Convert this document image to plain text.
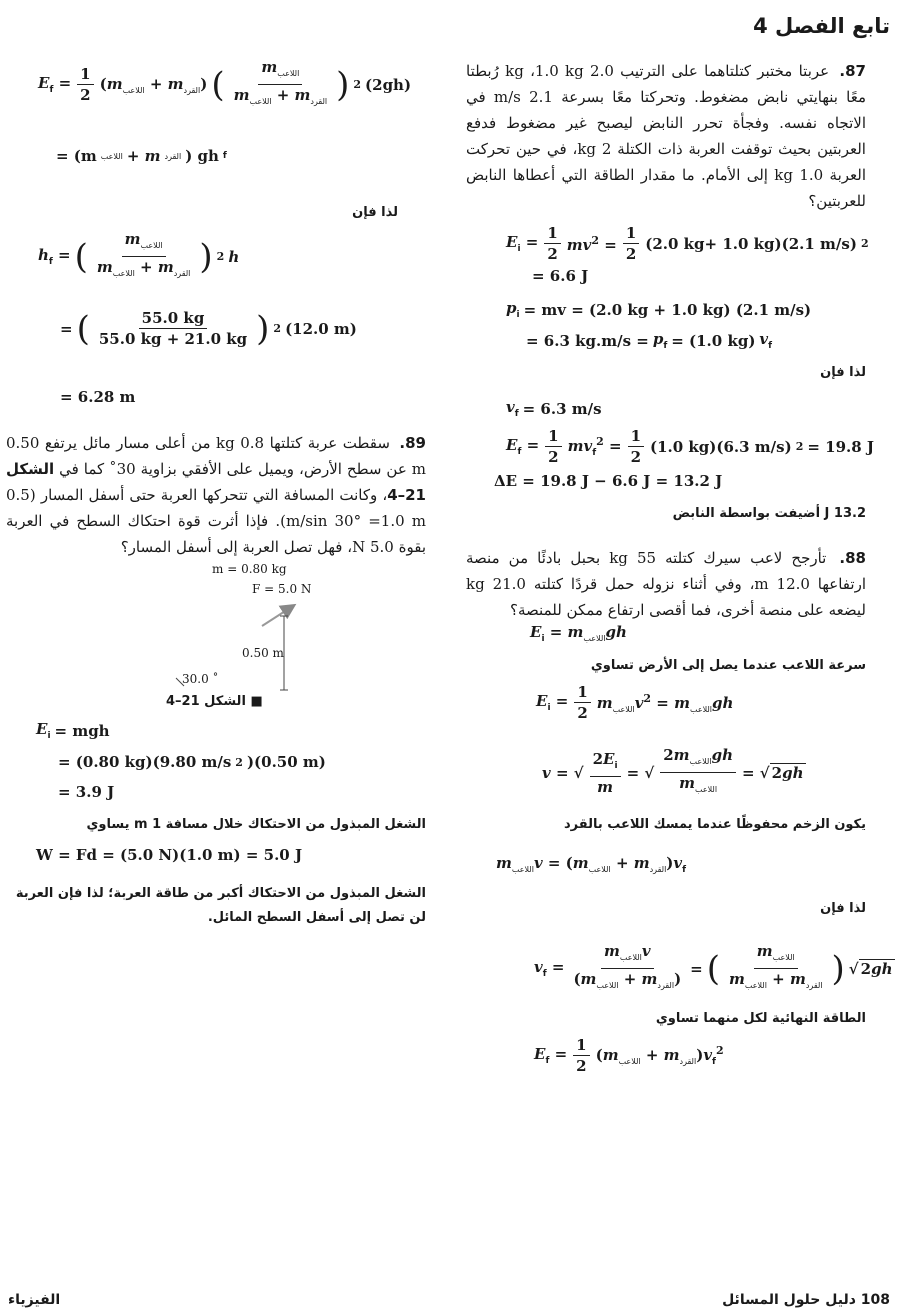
تابع الفصل 4

87. عربتا مختبر كتلتاهما على الترتيب 2.0 kg ،1.0 kg رُبطتا معًا بنهايتي نابض مضغوط. وتحركتا معًا بسرعة 2.1 m/s في الاتجاه نفسه. وفجأة تحرر النابض ليصبح غير مضغوط فدفع العربتين بحيث توقفت العربة ذات الكتلة 2 kg، في حين تحركت العربة 1.0 kg إلى الأمام. ما مقدار الطاقة التي أعطاها النابض للعربتين؟

$E_i = \frac{1}{2} mv^2 = \frac{1}{2} (2.0$ kg+ 1.0 kg)(2.1 m/s) 2
= 6.6 J
$p_i$ = mv = (2.0 kg + 1.0 kg) (2.1 m/s)
= 6.3 $kg.m/s = p_f = (1.0$ kg) $v_f$

لذا فإن

$v_f = 6.3$ m/s
$E_f = \frac{1}{2} mv_f^2 = \frac{1}{2} (1.0$ kg)(6.3 m/s) 2 = 19.8 J
ΔE = 19.8 J − 6.6 J = 13.2 J

13.2 J أضيفت بواسطة النابض

88. تأرجح لاعب سيرك كتلته 55 kg بحبل بادئًا من منصة ارتفاعها 12.0 m، وفي أثناء نزوله حمل قردًا كتلته 21.0 kg ليضعه على منصة أخرى، فما أقصى ارتفاع ممكن للمنصة؟

$E_i = m_{اللاعب}gh$

سرعة اللاعب عندما يصل إلى الأرض تساوي

$E_i = \frac{1}{2} m_{اللاعب}v^2 = m_{اللاعب}gh$
v = √ $\frac{2E_i}{m}$ = √ $\frac{2m_{اللاعب}gh}{m_{اللاعب}}$ = √ 2gh

يكون الزخم محفوظًا عندما يمسك اللاعب بالقرد

$m_{اللاعب}v = (m_{اللاعب} + m_{القرد})v_f$

لذا فإن

$v_f = \frac{m_{اللاعب}v}{(m_{اللاعب} + m_{القرد})}$ = ( $\frac{m_{اللاعب}}{m_{اللاعب} + m_{القرد}}$ ) √ 2gh

الطاقة النهائية لكل منهما تساوي

$E_f = \frac{1}{2} (m_{اللاعب} + m_{القرد})v_f^2$
$E_f = \frac{1}{2} (m_{اللاعب} + m_{القرد})$ ( $\frac{m_{اللاعب}}{m_{اللاعب} + m_{القرد}}$ ) 2 (2gh)
= (m اللاعب + m القرد ) gh f

لذا فإن

$h_f$ = ( $\frac{m_{اللاعب}}{m_{اللاعب} + m_{القرد}}$ ) 2 h
= ( $\frac{55.0 kg}{55.0 kg + 21.0 kg}$ ) 2 (12.0 m)
= 6.28 m

89. سقطت عربة كتلتها 0.8 kg من أعلى مسار مائل يرتفع 0.50 m عن سطح الأرض، ويميل على الأفقي بزاوية 30˚ كما في الشكل 21–4، وكانت المسافة التي تتحركها العربة حتى أسفل المسار (0.5 m/sin 30° =1.0 m). فإذا أثرت قوة احتكاك السطح في العربة بقوة 5.0 N، فهل تصل العربة إلى أسفل المسار؟

m = 0.80 kg
F = 5.0 N
0.50 m
30.0 ˚
■ الشكل 21–4
$E_i$ = mgh
= (0.80 kg)(9.80 m/s 2 )(0.50 m)
= 3.9 J

الشغل المبذول من الاحتكاك خلال مسافة 1 m يساوي

W = Fd = (5.0 N)(1.0 m) = 5.0 J

الشغل المبذول من الاحتكاك أكبر من طاقة العربة؛ لذا فإن العربة لن تصل إلى أسفل السطح المائل.

108 دليل حلول المسائل
الفيزياء
